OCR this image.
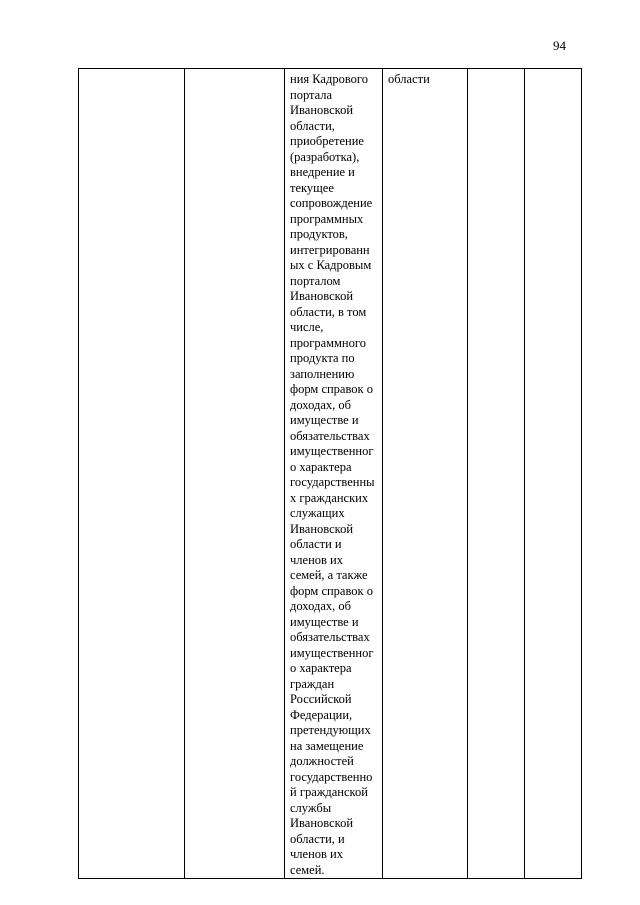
94

ния Кадрового
портала
Ивановской
области,
приобретение
(разработка),
внедрение и
текущее
сопровождение
программных
продуктов,
интегрированн
ых с Кадровым
порталом
Ивановской
области, в том
числе,
программного
продукта по
заполнению
форм справок о
доходах, об
имуществе и
обязательствах
имущественног
о характера
государственны
х гражданских
служащих
Ивановской
области и
членов их
семей, а также
форм справок о
доходах, об
имуществе и
обязательствах
имущественног
о характера
граждан
Российской
Федерации,
претендующих
на замещение
должностей
государственно
й гражданской
службы
Ивановской
области, и
членов их
семей.

области
